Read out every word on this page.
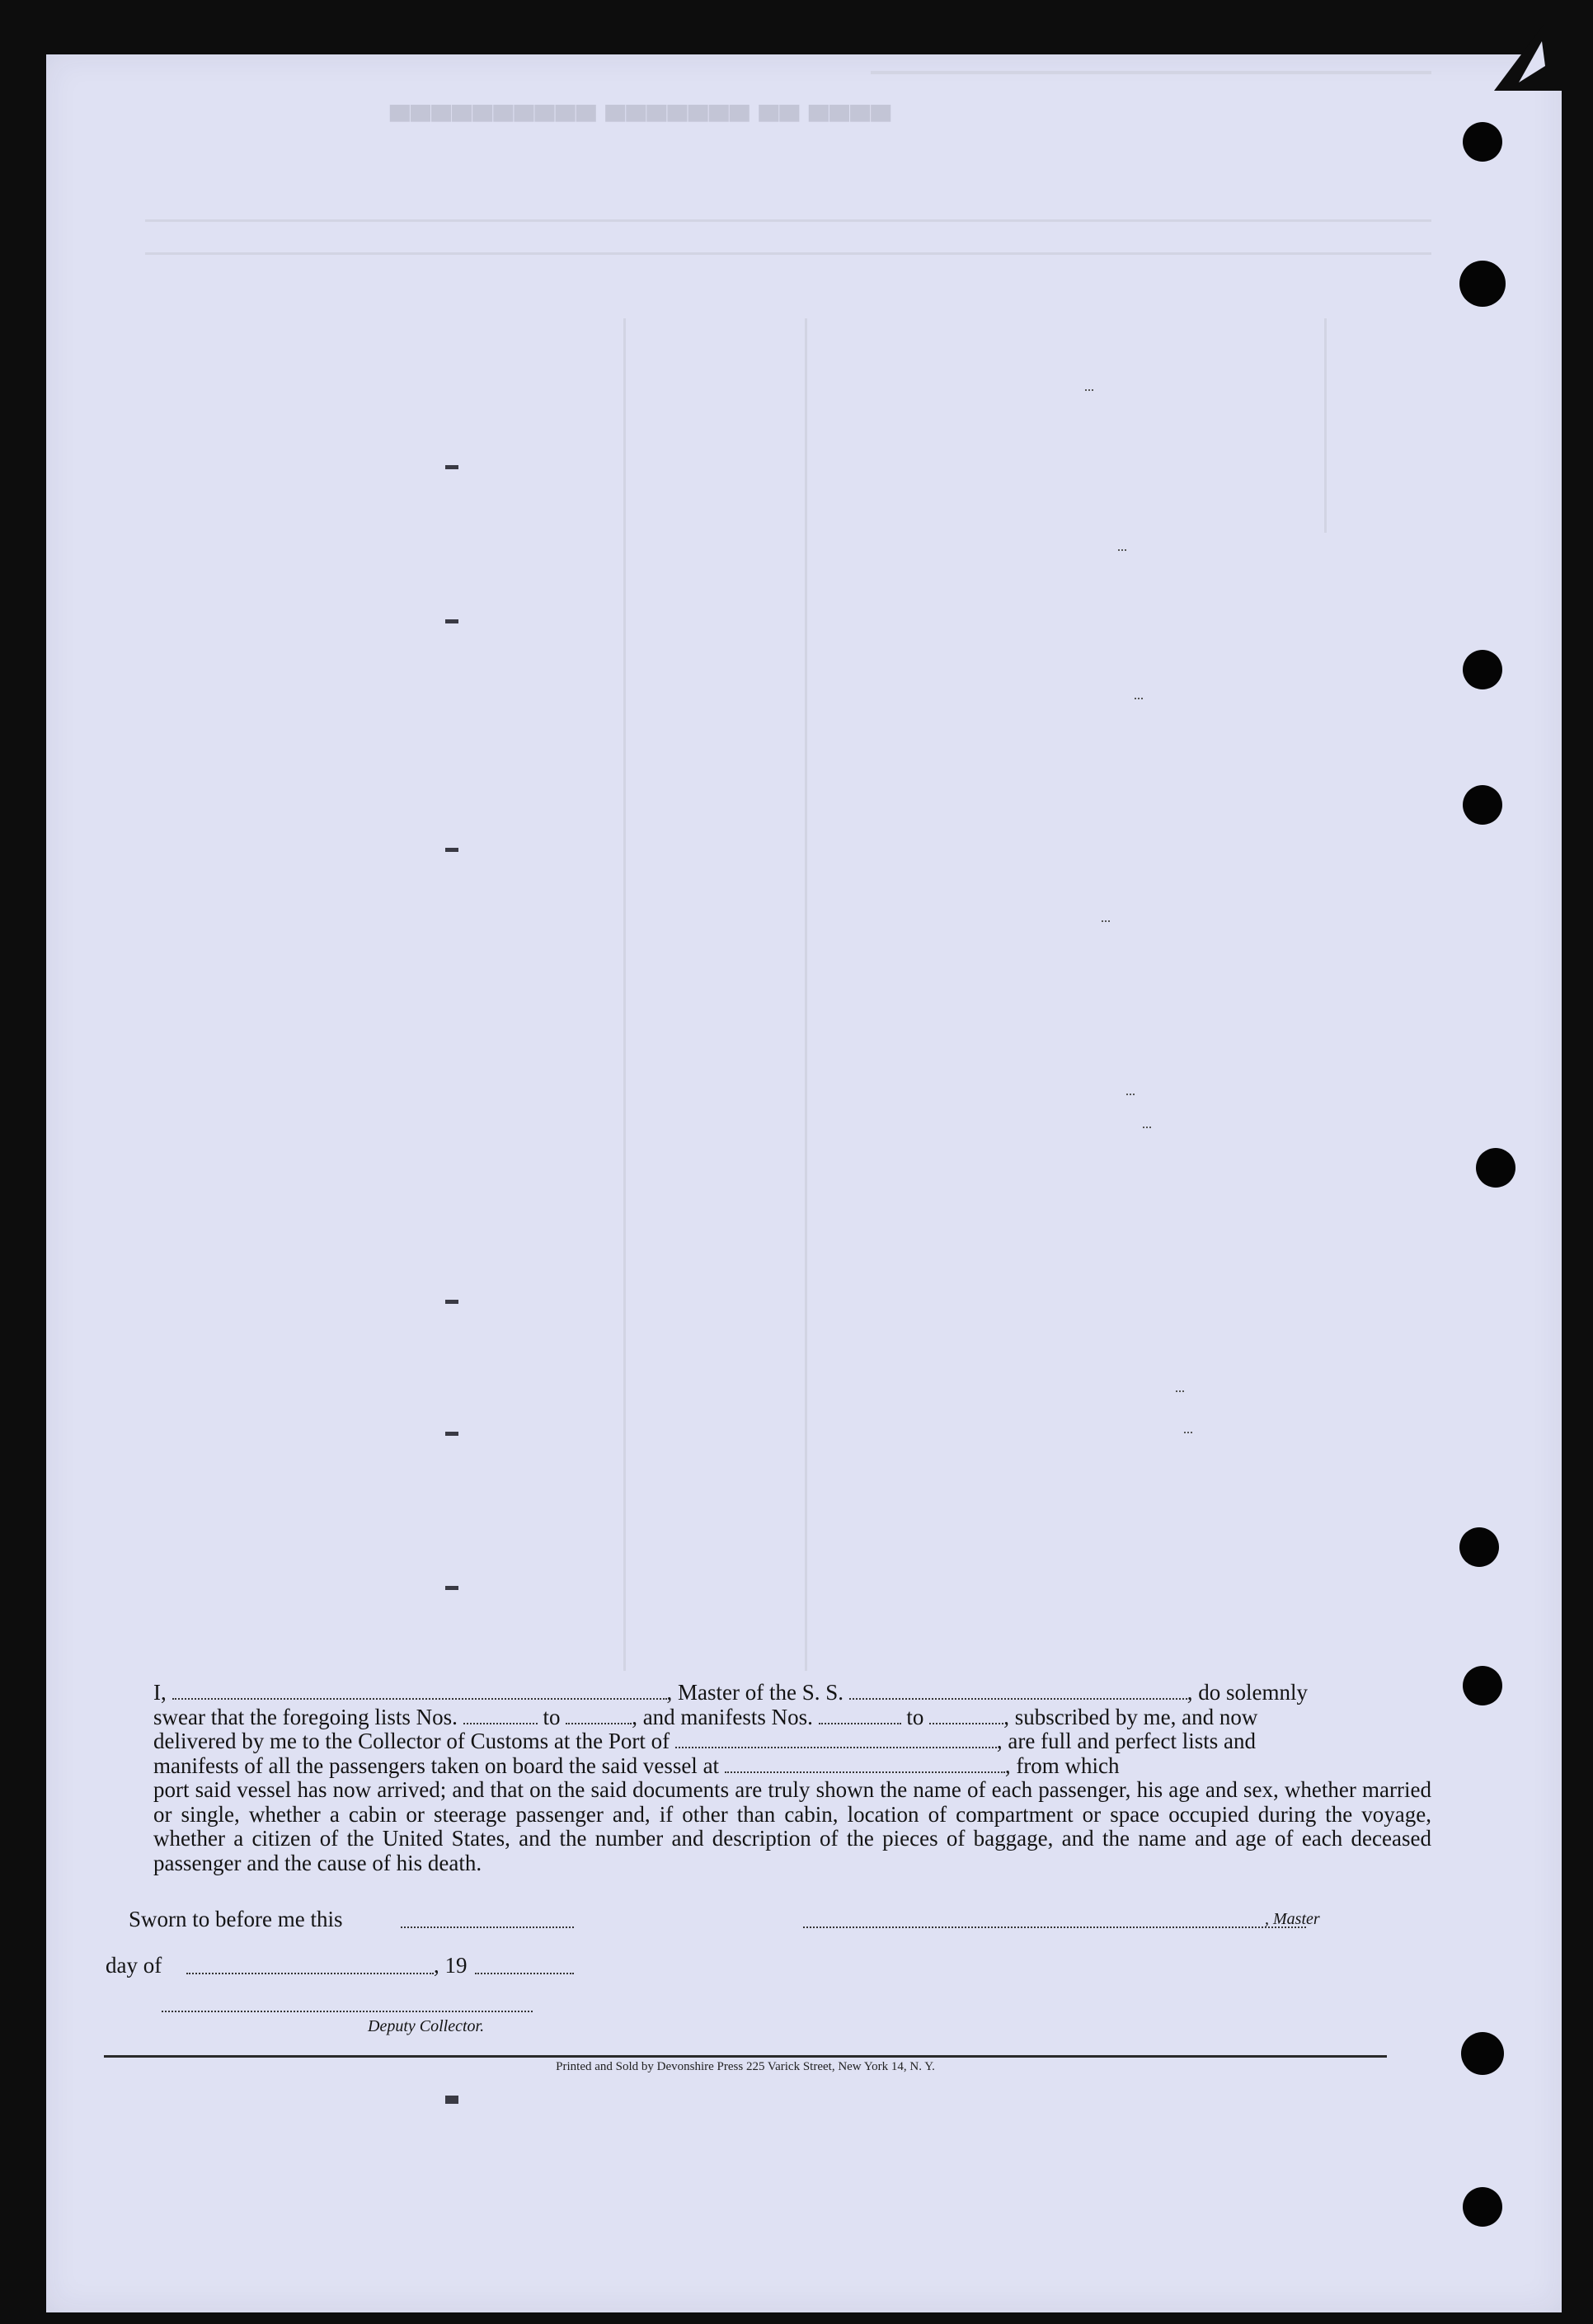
▀▀▀▀ ▀▀ ▀▀▀▀▀▀▀ ▀▀▀▀▀▀▀▀▀▀
I,	, Master of the S. S.	, do solemnly
swear that the foregoing lists Nos.	to	, and manifests Nos.	to	, subscribed by me, and now
delivered by me to the Collector of Customs at the Port of	, are full and perfect lists and
manifests of all the passengers taken on board the said vessel at	, from which
port said vessel has now arrived; and that on the said documents are truly shown the name of each passenger, his age and sex, whether married or single, whether a cabin or steerage passenger and, if other than cabin, location of compartment or space occupied during the voyage, whether a citizen of the United States, and the number and description of the pieces of baggage, and the name and age of each deceased passenger and the cause of his death.
Sworn to before me this	, Master
day of	, 19
Deputy Collector.
Printed and Sold by Devonshire Press 225 Varick Street, New York 14, N. Y.
